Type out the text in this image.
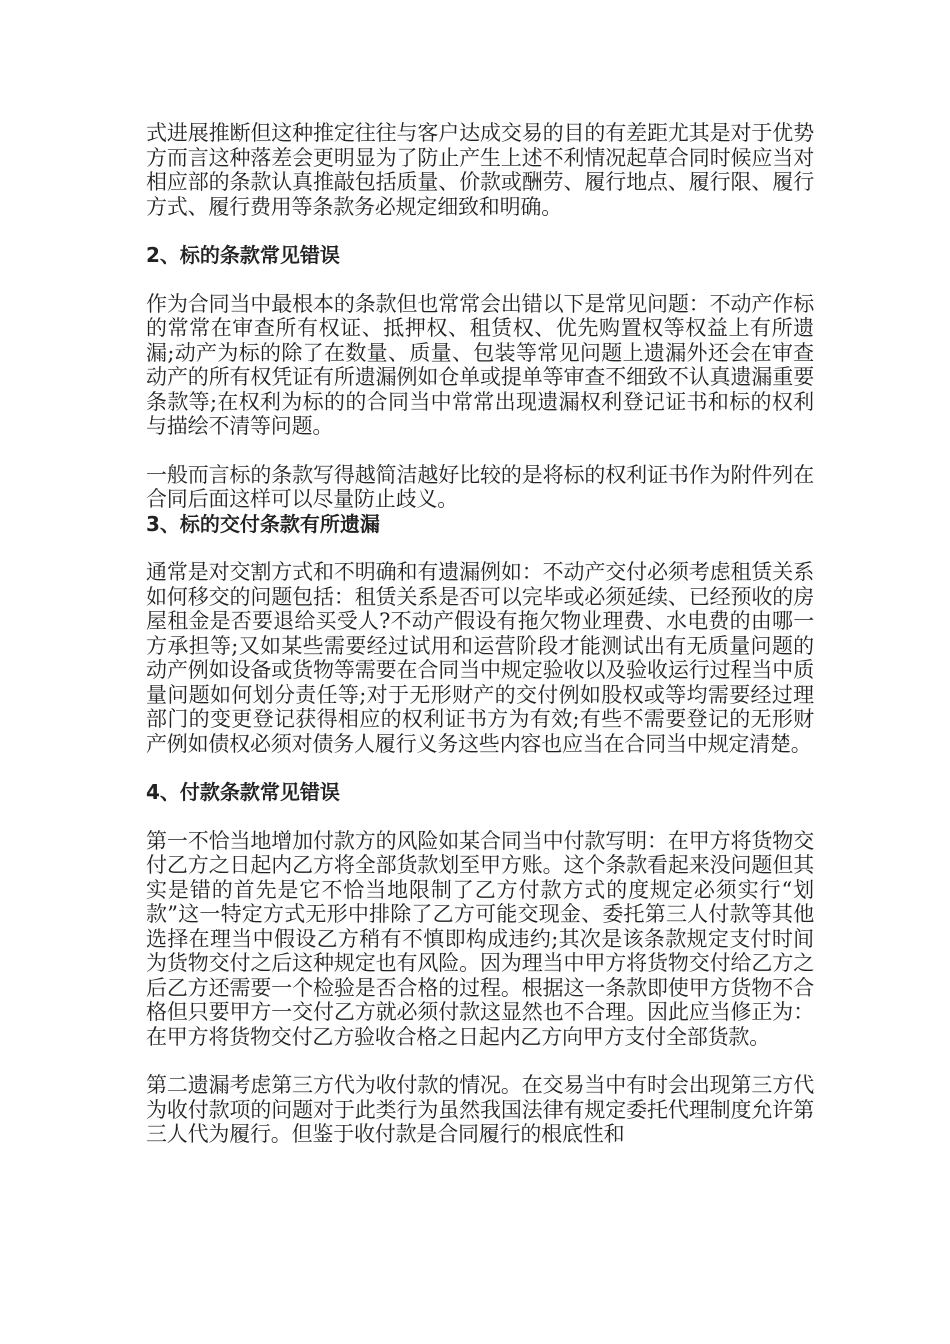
式进展推断但这种推定往往与客户达成交易的目的有差距尤其是对于优势方而言这种落差会更明显为了防止产生上述不利情况起草合同时候应当对相应部的条款认真推敲包括质量、价款或酬劳、履行地点、履行限、履行方式、履行费用等条款务必规定细致和明确。

2、标的条款常见错误

作为合同当中最根本的条款但也常常会出错以下是常见问题：不动产作标的常常在审查所有权证、抵押权、租赁权、优先购置权等权益上有所遗漏;动产为标的除了在数量、质量、包装等常见问题上遗漏外还会在审查动产的所有权凭证有所遗漏例如仓单或提单等审查不细致不认真遗漏重要条款等;在权利为标的的合同当中常常出现遗漏权利登记证书和标的权利与描绘不清等问题。

一般而言标的条款写得越简洁越好比较的是将标的权利证书作为附件列在合同后面这样可以尽量防止歧义。

3、标的交付条款有所遗漏

通常是对交割方式和不明确和有遗漏例如：不动产交付必须考虑租赁关系如何移交的问题包括：租赁关系是否可以完毕或必须延续、已经预收的房屋租金是否要退给买受人?不动产假设有拖欠物业理费、水电费的由哪一方承担等;又如某些需要经过试用和运营阶段才能测试出有无质量问题的动产例如设备或货物等需要在合同当中规定验收以及验收运行过程当中质量问题如何划分责任等;对于无形财产的交付例如股权或等均需要经过理部门的变更登记获得相应的权利证书方为有效;有些不需要登记的无形财产例如债权必须对债务人履行义务这些内容也应当在合同当中规定清楚。

4、付款条款常见错误

第一不恰当地增加付款方的风险如某合同当中付款写明：在甲方将货物交付乙方之日起内乙方将全部货款划至甲方账。这个条款看起来没问题但其实是错的首先是它不恰当地限制了乙方付款方式的度规定必须实行“划款”这一特定方式无形中排除了乙方可能交现金、委托第三人付款等其他选择在理当中假设乙方稍有不慎即构成违约;其次是该条款规定支付时间为货物交付之后这种规定也有风险。因为理当中甲方将货物交付给乙方之后乙方还需要一个检验是否合格的过程。根据这一条款即使甲方货物不合格但只要甲方一交付乙方就必须付款这显然也不合理。因此应当修正为：在甲方将货物交付乙方验收合格之日起内乙方向甲方支付全部货款。

第二遗漏考虑第三方代为收付款的情况。在交易当中有时会出现第三方代为收付款项的问题对于此类行为虽然我国法律有规定委托代理制度允许第三人代为履行。但鉴于收付款是合同履行的根底性和
